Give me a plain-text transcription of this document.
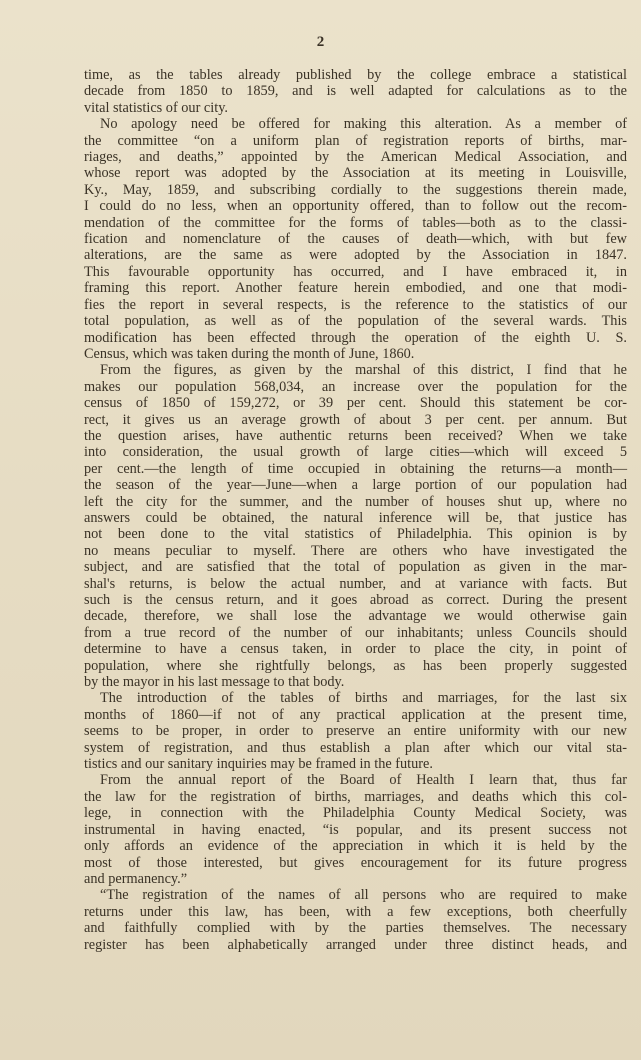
2

time, as the tables already published by the college embrace a statistical
decade from 1850 to 1859, and is well adapted for calculations as to the
vital statistics of our city.

No apology need be offered for making this alteration. As a member of
the committee “on a uniform plan of registration reports of births, mar-
riages, and deaths,” appointed by the American Medical Association, and
whose report was adopted by the Association at its meeting in Louisville,
Ky., May, 1859, and subscribing cordially to the suggestions therein made,
I could do no less, when an opportunity offered, than to follow out the recom-
mendation of the committee for the forms of tables—both as to the classi-
fication and nomenclature of the causes of death—which, with but few
alterations, are the same as were adopted by the Association in 1847.
This favourable opportunity has occurred, and I have embraced it, in
framing this report. Another feature herein embodied, and one that modi-
fies the report in several respects, is the reference to the statistics of our
total population, as well as of the population of the several wards. This
modification has been effected through the operation of the eighth U. S.
Census, which was taken during the month of June, 1860.

From the figures, as given by the marshal of this district, I find that he
makes our population 568,034, an increase over the population for the
census of 1850 of 159,272, or 39 per cent. Should this statement be cor-
rect, it gives us an average growth of about 3 per cent. per annum. But
the question arises, have authentic returns been received? When we take
into consideration, the usual growth of large cities—which will exceed 5
per cent.—the length of time occupied in obtaining the returns—a month—
the season of the year—June—when a large portion of our population had
left the city for the summer, and the number of houses shut up, where no
answers could be obtained, the natural inference will be, that justice has
not been done to the vital statistics of Philadelphia. This opinion is by
no means peculiar to myself. There are others who have investigated the
subject, and are satisfied that the total of population as given in the mar-
shal's returns, is below the actual number, and at variance with facts. But
such is the census return, and it goes abroad as correct. During the present
decade, therefore, we shall lose the advantage we would otherwise gain
from a true record of the number of our inhabitants; unless Councils should
determine to have a census taken, in order to place the city, in point of
population, where she rightfully belongs, as has been properly suggested
by the mayor in his last message to that body.

The introduction of the tables of births and marriages, for the last six
months of 1860—if not of any practical application at the present time,
seems to be proper, in order to preserve an entire uniformity with our new
system of registration, and thus establish a plan after which our vital sta-
tistics and our sanitary inquiries may be framed in the future.

From the annual report of the Board of Health I learn that, thus far
the law for the registration of births, marriages, and deaths which this col-
lege, in connection with the Philadelphia County Medical Society, was
instrumental in having enacted, “is popular, and its present success not
only affords an evidence of the appreciation in which it is held by the
most of those interested, but gives encouragement for its future progress
and permanency.”

“The registration of the names of all persons who are required to make
returns under this law, has been, with a few exceptions, both cheerfully
and faithfully complied with by the parties themselves. The necessary
register has been alphabetically arranged under three distinct heads, and
